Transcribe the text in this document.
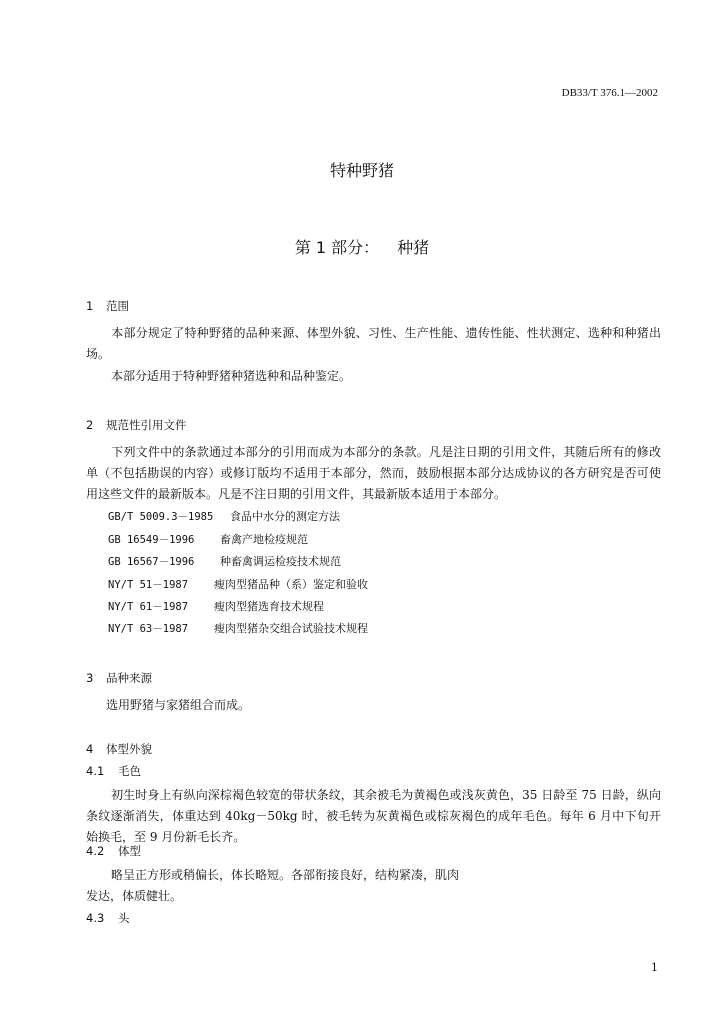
DB33/T 376.1—2002
特种野猪
第 1 部分： 种猪
1 范围
本部分规定了特种野猪的品种来源、体型外貌、习性、生产性能、遗传性能、性状测定、选种和种猪出场。
本部分适用于特种野猪种猪选种和品种鉴定。
2 规范性引用文件
下列文件中的条款通过本部分的引用而成为本部分的条款。凡是注日期的引用文件，其随后所有的修改单（不包括勘误的内容）或修订版均不适用于本部分，然而，鼓励根据本部分达成协议的各方研究是否可使用这些文件的最新版本。凡是不注日期的引用文件，其最新版本适用于本部分。
GB/T 5009.3－1985 食品中水分的测定方法
GB 16549－1996 畜禽产地检疫规范
GB 16567－1996 种畜禽调运检疫技术规范
NY/T 51－1987 瘦肉型猪品种（系）鉴定和验收
NY/T 61－1987 瘦肉型猪选育技术规程
NY/T 63－1987 瘦肉型猪杂交组合试验技术规程
3 品种来源
选用野猪与家猪组合而成。
4 体型外貌
4.1 毛色
初生时身上有纵向深棕褐色较宽的带状条纹，其余被毛为黄褐色或浅灰黄色，35 日龄至 75 日龄，纵向条纹逐渐消失，体重达到 40kg－50kg 时，被毛转为灰黄褐色或棕灰褐色的成年毛色。每年 6 月中下旬开始换毛，至 9 月份新毛长齐。
4.2 体型
略呈正方形或稍偏长，体长略短。各部衔接良好，结构紧凑，肌肉
发达，体质健壮。
4.3 头
1
